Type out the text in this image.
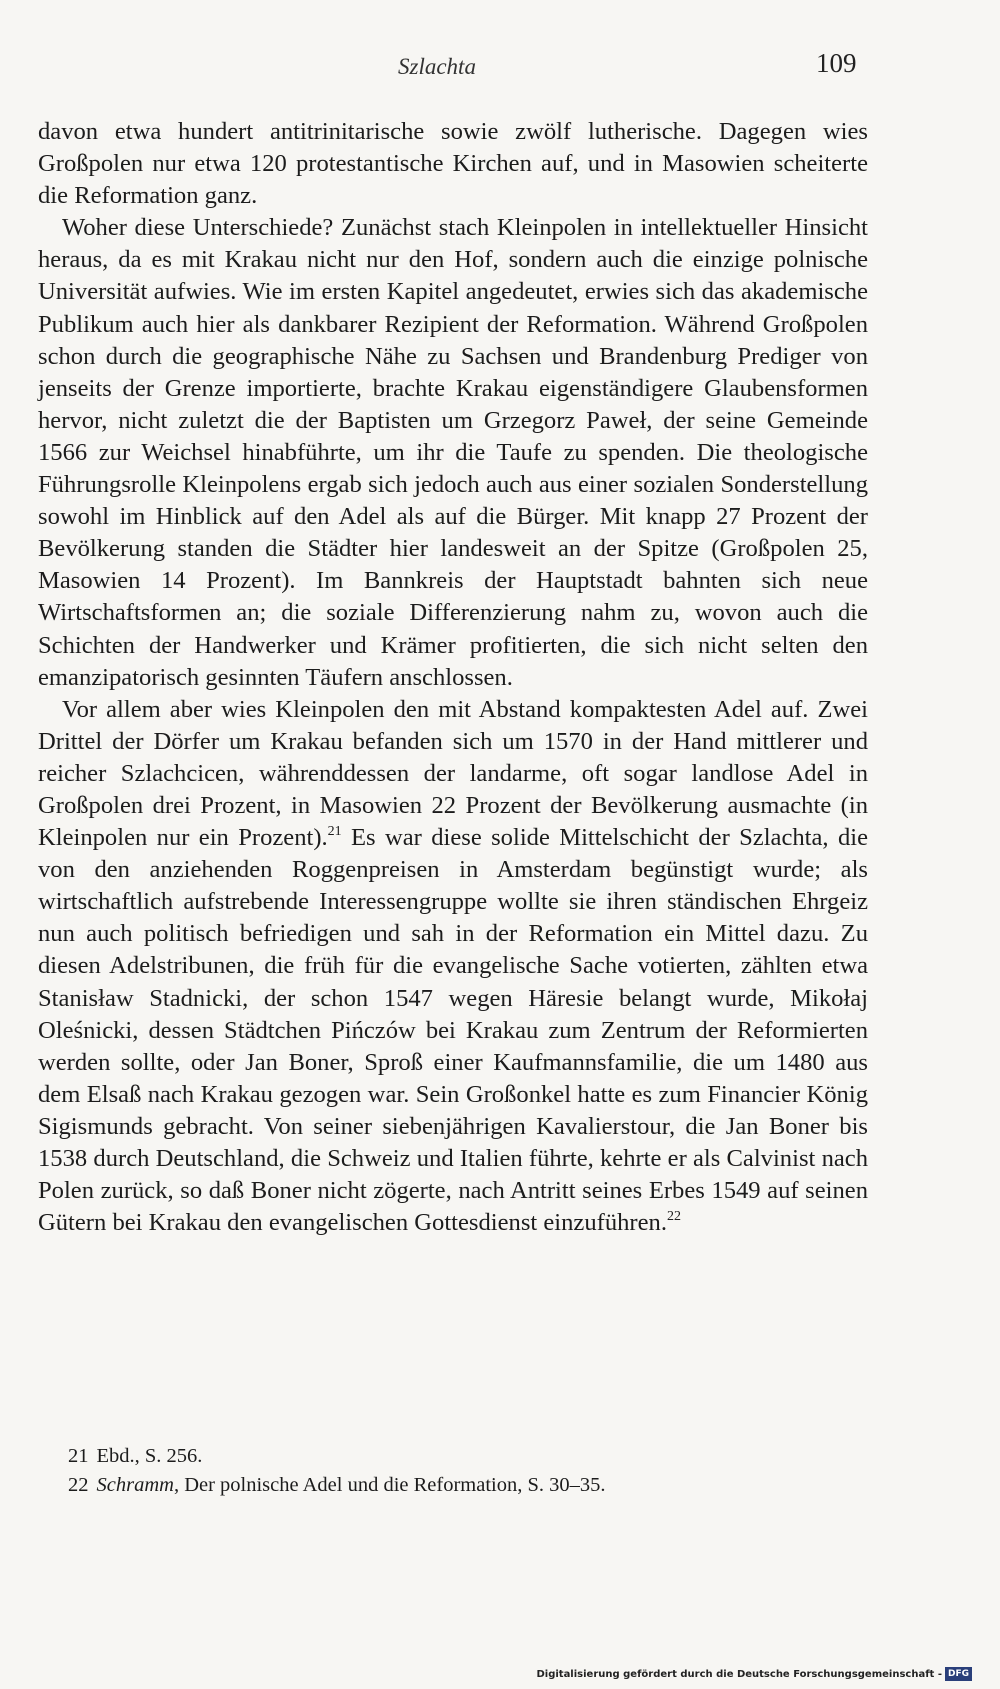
Szlachta	109

davon etwa hundert antitrinitarische sowie zwölf lutherische. Dagegen wies Großpolen nur etwa 120 protestantische Kirchen auf, und in Masowien scheiterte die Reformation ganz.

Woher diese Unterschiede? Zunächst stach Kleinpolen in intellektueller Hinsicht heraus, da es mit Krakau nicht nur den Hof, sondern auch die einzige polnische Universität aufwies. Wie im ersten Kapitel angedeutet, erwies sich das akademische Publikum auch hier als dankbarer Rezipient der Reformation. Während Großpolen schon durch die geographische Nähe zu Sachsen und Brandenburg Prediger von jenseits der Grenze importierte, brachte Krakau eigenständigere Glaubensformen hervor, nicht zuletzt die der Baptisten um Grzegorz Paweł, der seine Gemeinde 1566 zur Weichsel hinabführte, um ihr die Taufe zu spenden. Die theologische Führungsrolle Kleinpolens ergab sich jedoch auch aus einer sozialen Sonderstellung sowohl im Hinblick auf den Adel als auf die Bürger. Mit knapp 27 Prozent der Bevölkerung standen die Städter hier landesweit an der Spitze (Großpolen 25, Masowien 14 Prozent). Im Bannkreis der Hauptstadt bahnten sich neue Wirtschaftsformen an; die soziale Differenzierung nahm zu, wovon auch die Schichten der Handwerker und Krämer profitierten, die sich nicht selten den emanzipatorisch gesinnten Täufern anschlossen.

Vor allem aber wies Kleinpolen den mit Abstand kompaktesten Adel auf. Zwei Drittel der Dörfer um Krakau befanden sich um 1570 in der Hand mittlerer und reicher Szlachcicen, währenddessen der landarme, oft sogar landlose Adel in Großpolen drei Prozent, in Masowien 22 Prozent der Bevölkerung ausmachte (in Kleinpolen nur ein Prozent).$^{21}$ Es war diese solide Mittelschicht der Szlachta, die von den anziehenden Roggenpreisen in Amsterdam begünstigt wurde; als wirtschaftlich aufstrebende Interessengruppe wollte sie ihren ständischen Ehrgeiz nun auch politisch befriedigen und sah in der Reformation ein Mittel dazu. Zu diesen Adelstribunen, die früh für die evangelische Sache votierten, zählten etwa Stanisław Stadnicki, der schon 1547 wegen Häresie belangt wurde, Mikołaj Oleśnicki, dessen Städtchen Pińczów bei Krakau zum Zentrum der Reformierten werden sollte, oder Jan Boner, Sproß einer Kaufmannsfamilie, die um 1480 aus dem Elsaß nach Krakau gezogen war. Sein Großonkel hatte es zum Financier König Sigismunds gebracht. Von seiner siebenjährigen Kavalierstour, die Jan Boner bis 1538 durch Deutschland, die Schweiz und Italien führte, kehrte er als Calvinist nach Polen zurück, so daß Boner nicht zögerte, nach Antritt seines Erbes 1549 auf seinen Gütern bei Krakau den evangelischen Gottesdienst einzuführen.$^{22}$

21 Ebd., S. 256.
22 Schramm, Der polnische Adel und die Reformation, S. 30–35.
Digitalisierung gefördert durch die Deutsche Forschungsgemeinschaft - DFG
